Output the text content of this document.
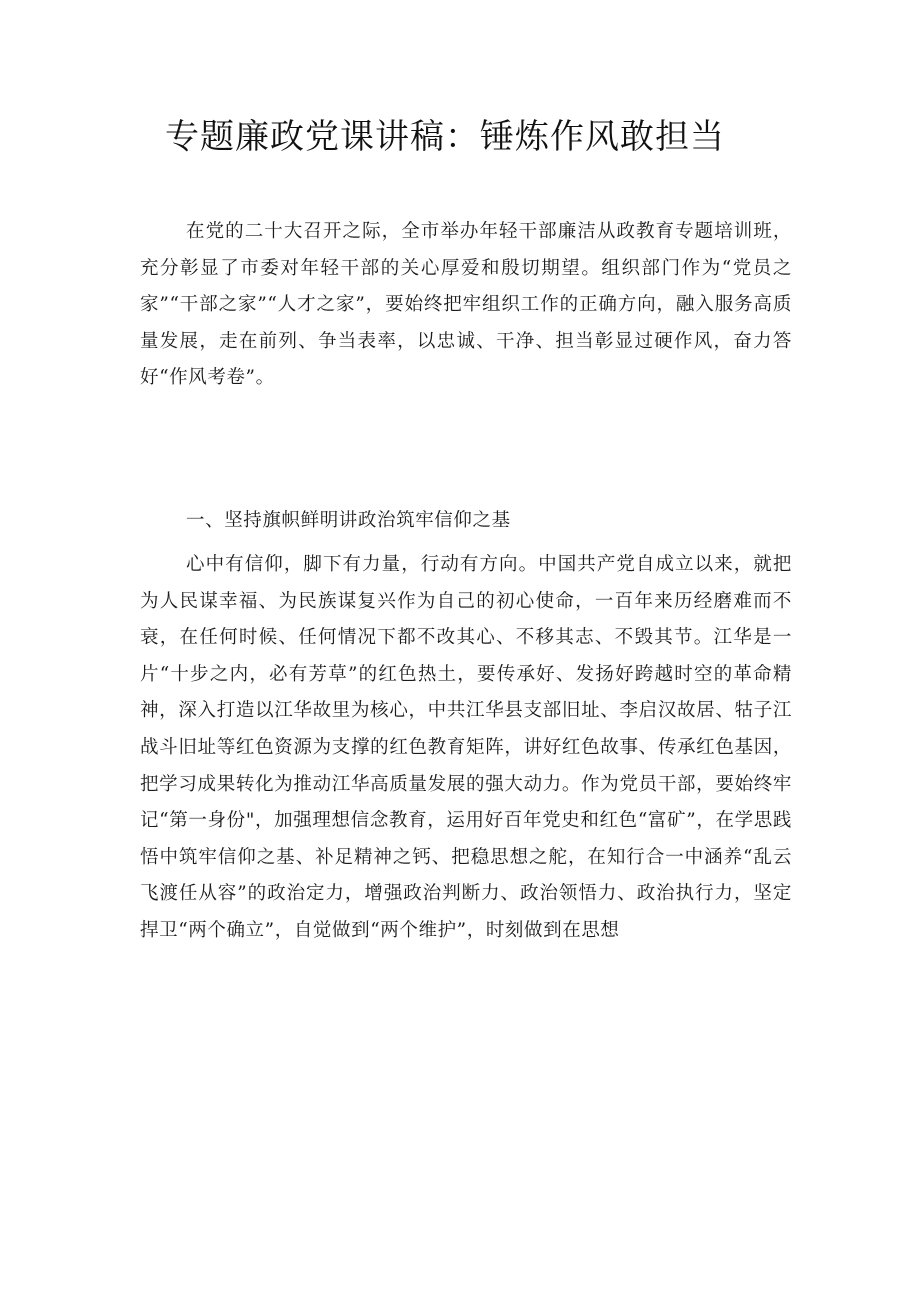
专题廉政党课讲稿：锤炼作风敢担当

在党的二十大召开之际，全市举办年轻干部廉洁从政教育专题培训班，充分彰显了市委对年轻干部的关心厚爱和殷切期望。组织部门作为“党员之家”“干部之家”“人才之家”，要始终把牢组织工作的正确方向，融入服务高质量发展，走在前列、争当表率，以忠诚、干净、担当彰显过硬作风，奋力答好“作风考卷”。

一、坚持旗帜鲜明讲政治筑牢信仰之基

心中有信仰，脚下有力量，行动有方向。中国共产党自成立以来，就把为人民谋幸福、为民族谋复兴作为自己的初心使命，一百年来历经磨难而不衰，在任何时候、任何情况下都不改其心、不移其志、不毁其节。江华是一片“十步之内，必有芳草”的红色热土，要传承好、发扬好跨越时空的革命精神，深入打造以江华故里为核心，中共江华县支部旧址、李启汉故居、牯子江战斗旧址等红色资源为支撑的红色教育矩阵，讲好红色故事、传承红色基因，把学习成果转化为推动江华高质量发展的强大动力。作为党员干部，要始终牢记“第一身份"，加强理想信念教育，运用好百年党史和红色“富矿”，在学思践悟中筑牢信仰之基、补足精神之钙、把稳思想之舵，在知行合一中涵养“乱云飞渡任从容”的政治定力，增强政治判断力、政治领悟力、政治执行力，坚定捍卫“两个确立”，自觉做到“两个维护”，时刻做到在思想
